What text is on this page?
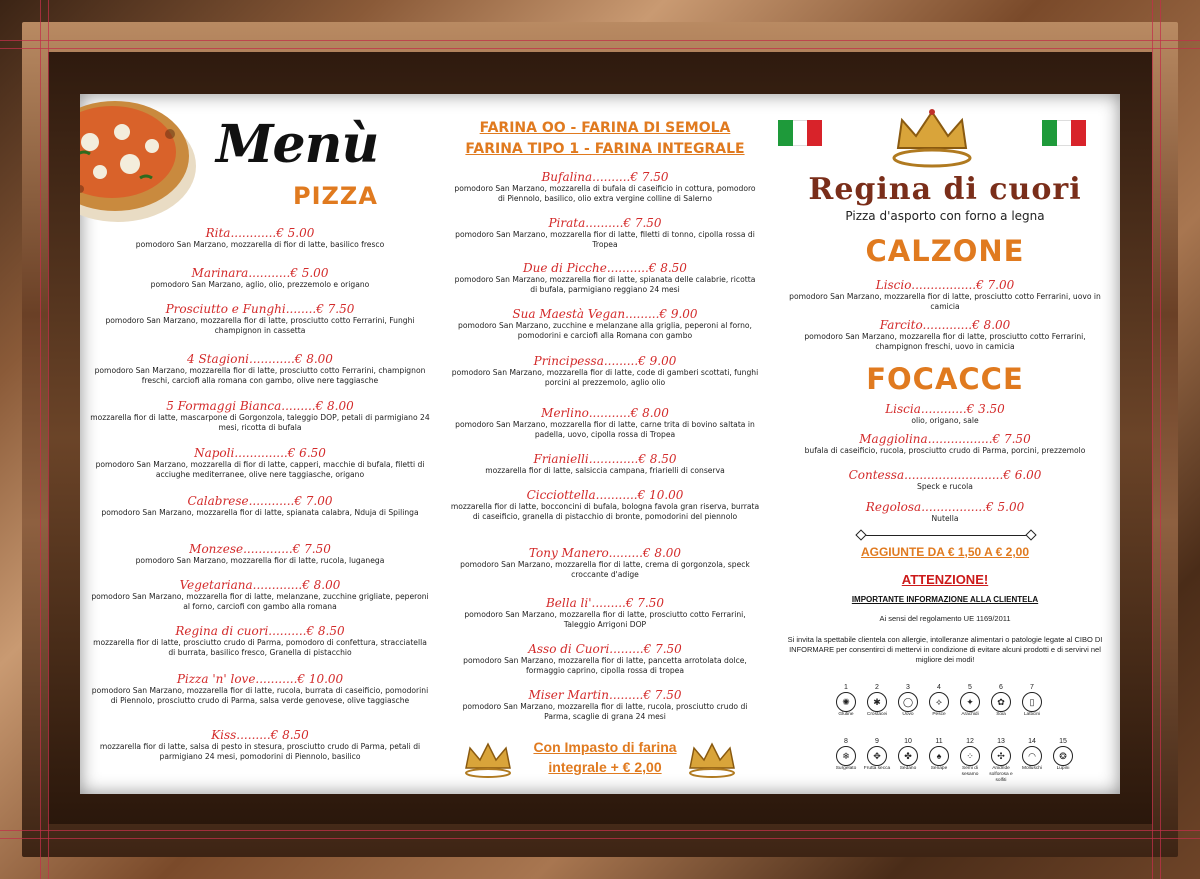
Menù
PIZZA
Rita............€ 5.00
pomodoro San Marzano, mozzarella di fior di latte, basilico fresco
Marinara...........€ 5.00
pomodoro San Marzano, aglio, olio, prezzemolo e origano
Prosciutto e Funghi........€ 7.50
pomodoro San Marzano, mozzarella fior di latte, prosciutto cotto Ferrarini, Funghi champignon in cassetta
4 Stagioni............€ 8.00
pomodoro San Marzano, mozzarella fior di latte, prosciutto cotto Ferrarini, champignon freschi, carciofi alla romana con gambo, olive nere taggiasche
5 Formaggi Bianca.........€ 8.00
mozzarella fior di latte, mascarpone di Gorgonzola, taleggio DOP, petali di parmigiano 24 mesi, ricotta di bufala
Napoli..............€ 6.50
pomodoro San Marzano, mozzarella di fior di latte, capperi, macchie di bufala, filetti di acciughe mediterranee, olive nere taggiasche, origano
Calabrese............€ 7.00
pomodoro San Marzano, mozzarella fior di latte, spianata calabra, Nduja di Spilinga
Monzese.............€ 7.50
pomodoro San Marzano, mozzarella fior di latte, rucola, luganega
Vegetariana.............€ 8.00
pomodoro San Marzano, mozzarella fior di latte, melanzane, zucchine grigliate, peperoni al forno, carciofi con gambo alla romana
Regina di cuori..........€ 8.50
mozzarella fior di latte, prosciutto crudo di Parma, pomodoro di confettura, stracciatella di burrata, basilico fresco, Granella di pistacchio
Pizza 'n' love...........€ 10.00
pomodoro San Marzano, mozzarella fior di latte, rucola, burrata di caseificio, pomodorini di Piennolo, prosciutto crudo di Parma, salsa verde genovese, olive taggiasche
Kiss.........€ 8.50
mozzarella fior di latte, salsa di pesto in stesura, prosciutto crudo di Parma, petali di parmigiano 24 mesi, pomodorini di Piennolo, basilico
FARINA OO - FARINA DI SEMOLA
FARINA TIPO 1 - FARINA INTEGRALE
Bufalina..........€ 7.50
pomodoro San Marzano, mozzarella di bufala di caseificio in cottura, pomodoro di Piennolo, basilico, olio extra vergine colline di Salerno
Pirata..........€ 7.50
pomodoro San Marzano, mozzarella fior di latte, filetti di tonno, cipolla rossa di Tropea
Due di Picche...........€ 8.50
pomodoro San Marzano, mozzarella fior di latte, spianata delle calabrie, ricotta di bufala, parmigiano reggiano 24 mesi
Sua Maestà Vegan.........€ 9.00
pomodoro San Marzano, zucchine e melanzane alla griglia, peperoni al forno, pomodorini e carciofi alla Romana con gambo
Principessa.........€ 9.00
pomodoro San Marzano, mozzarella fior di latte, code di gamberi scottati, funghi porcini al prezzemolo, aglio olio
Merlino...........€ 8.00
pomodoro San Marzano, mozzarella fior di latte, carne trita di bovino saltata in padella, uovo, cipolla rossa di Tropea
Frianielli.............€ 8.50
mozzarella fior di latte, salsiccia campana, friarielli di conserva
Cicciottella...........€ 10.00
mozzarella fior di latte, bocconcini di bufala, bologna favola gran riserva, burrata di caseificio, granella di pistacchio di bronte, pomodorini del piennolo
Tony Manero.........€ 8.00
pomodoro San Marzano, mozzarella fior di latte, crema di gorgonzola, speck croccante d'adige
Bella li'.........€ 7.50
pomodoro San Marzano, mozzarella fior di latte, prosciutto cotto Ferrarini, Taleggio Arrigoni DOP
Asso di Cuori.........€ 7.50
pomodoro San Marzano, mozzarella fior di latte, pancetta arrotolata dolce, formaggio caprino, cipolla rossa di tropea
Miser Martin.........€ 7.50
pomodoro San Marzano, mozzarella fior di latte, rucola, prosciutto crudo di Parma, scaglie di grana 24 mesi
Con Impasto di farina
integrale + € 2,00
Regina di cuori
Pizza d'asporto con forno a legna
CALZONE
Liscio.................€ 7.00
pomodoro San Marzano, mozzarella fior di latte, prosciutto cotto Ferrarini, uovo in camicia
Farcito.............€ 8.00
pomodoro San Marzano, mozzarella fior di latte, prosciutto cotto Ferrarini, champignon freschi, uovo in camicia
FOCACCE
Liscia............€ 3.50
olio, origano, sale
Maggiolina.................€ 7.50
bufala di caseificio, rucola, prosciutto crudo di Parma, porcini, prezzemolo
Contessa..........................€ 6.00
Speck e rucola
Regolosa.................€ 5.00
Nutella
AGGIUNTE DA € 1,50 A € 2,00
ATTENZIONE!
IMPORTANTE INFORMAZIONE ALLA CLIENTELA
Ai sensi del regolamento UE 1169/2011
Si invita la spettabile clientela con allergie, intolleranze alimentari o patologie legate al CIBO DI INFORMARE per consentirci di mettervi in condizione di evitare alcuni prodotti e di servirvi nel migliore dei modi!
1
✺
Glutine
2
✱
Crostacei
3
◯
Uovo
4
⟡
Pesce
5
✦
Arachidi
6
✿
Soia
7
▯
Latticini
8
❄
Surgelato
9
✥
Frutta secca
10
✤
Sedano
11
♠
Senape
12
⁘
Semi di sesamo
13
✣
Anidride solforosa e solfiti
14
◠
Molluschi
15
❂
Lupini
